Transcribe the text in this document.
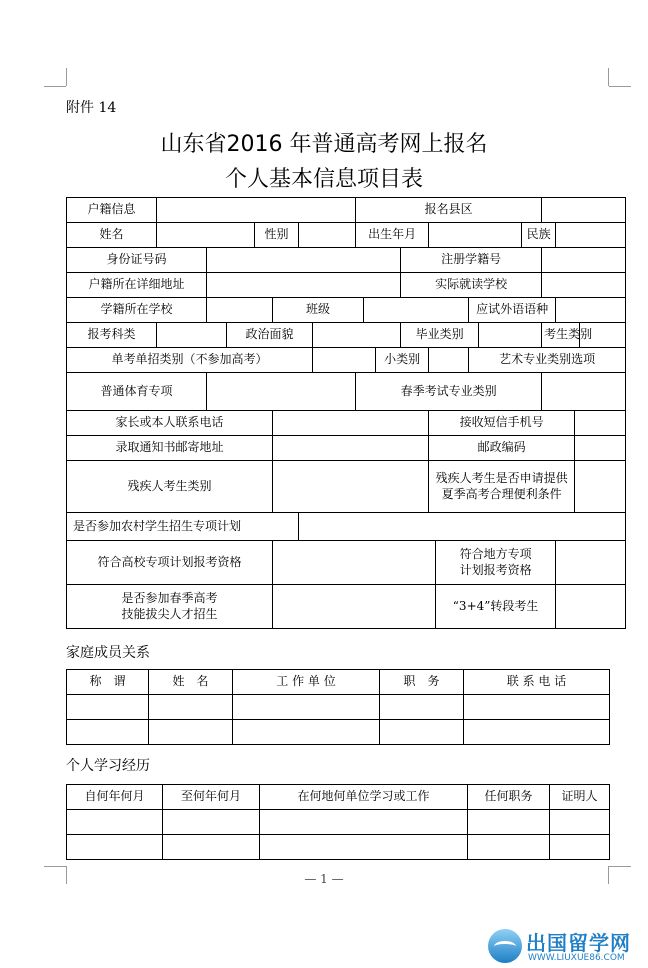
附件 14
山东省2016 年普通高考网上报名
个人基本信息项目表
户籍信息								报名县区												
姓名				性别				出生年月								民族				
身份证号码											注册学籍号									
户籍所在详细地址											实际就读学校									
学籍所在学校					班级									应试外语语种						
报考科类			政治面貌								毕业类别						考生类别			
单考单招类别（不参加高考）										小类别				艺术专业类别选项						
普通体育专项								春季考试专业类别												
家长或本人联系电话												接收短信手机号								
录取通知书邮寄地址												邮政编码								
残疾人考生类别												残疾人考生是否申请提供
夏季高考合理便利条件								

是否参加农村学生招生专项计划																				
符合高校专项计划报考资格													符合地方专项
计划报考资格							

是否参加春季高考
技能拔尖人才招生													“3+4”转段考生							
家庭成员关系
称　谓	姓　名	工 作 单 位	职　务	联 系 电 话

个人学习经历
自何年何月	至何年何月	在何地何单位学习或工作	任何职务	证明人

— 1 —
出国留学网
WWW.LIUXUE86.COM
